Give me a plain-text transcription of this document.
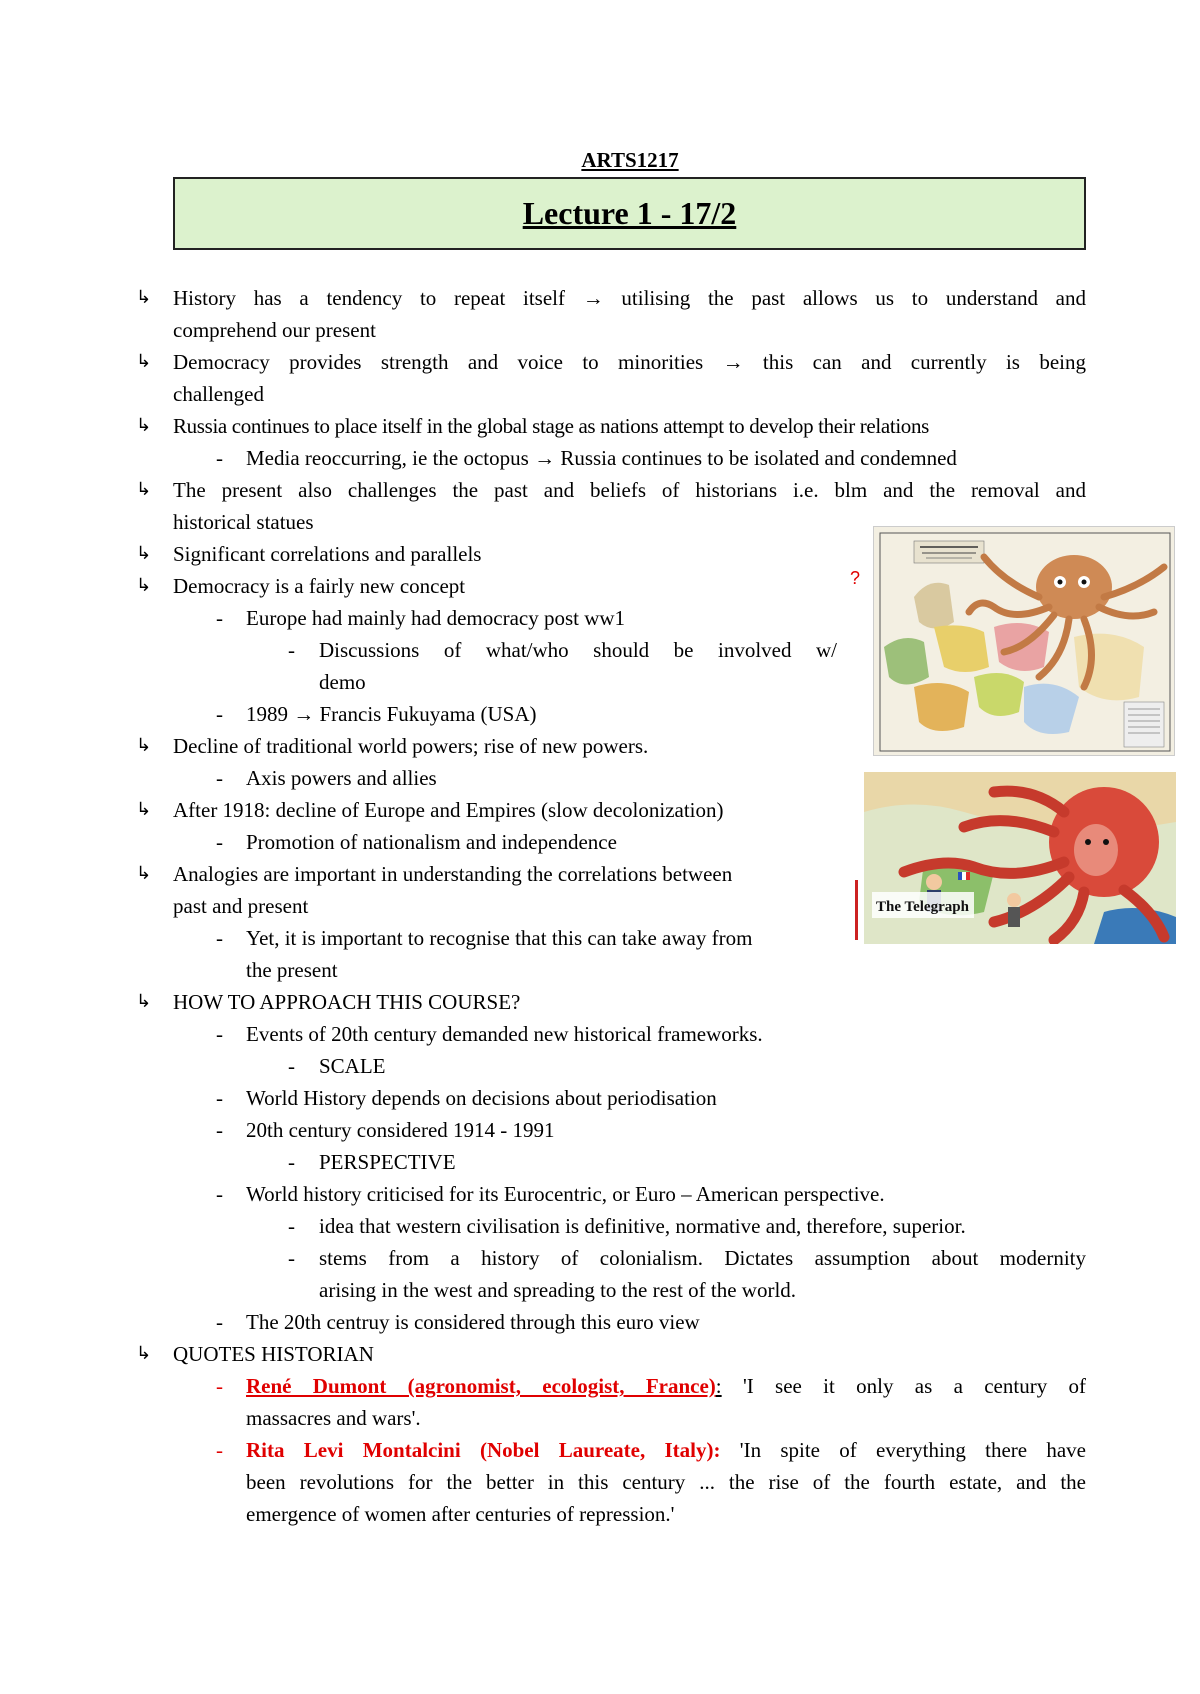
ARTS1217
Lecture 1 - 17/2
↳ History has a tendency to repeat itself → utilising the past allows us to understand and
comprehend our present
↳ Democracy provides strength and voice to minorities → this can and currently is being
challenged
↳ Russia continues to place itself in the global stage as nations attempt to develop their relations
- Media reoccurring, ie the octopus → Russia continues to be isolated and condemned
↳ The present also challenges the past and beliefs of historians i.e. blm and the removal and
historical statues
↳ Significant correlations and parallels
↳ Democracy is a fairly new concept
- Europe had mainly had democracy post ww1
- Discussions of what/who should be involved w/
demo
- 1989 → Francis Fukuyama (USA)
↳ Decline of traditional world powers; rise of new powers.
- Axis powers and allies
↳ After 1918: decline of Europe and Empires (slow decolonization)
- Promotion of nationalism and independence
↳ Analogies are important in understanding the correlations between
past and present
- Yet, it is important to recognise that this can take away from
the present
↳ HOW TO APPROACH THIS COURSE?
- Events of 20th century demanded new historical frameworks.
- SCALE
- World History depends on decisions about periodisation
- 20th century considered 1914 - 1991
- PERSPECTIVE
- World history criticised for its Eurocentric, or Euro – American perspective.
- idea that western civilisation is definitive, normative and, therefore, superior.
- stems from a history of colonialism. Dictates assumption about modernity
arising in the west and spreading to the rest of the world.
- The 20th centruy is considered through this euro view
↳ QUOTES HISTORIAN
- René Dumont (agronomist, ecologist, France): 'I see it only as a century of
massacres and wars'.
- Rita Levi Montalcini (Nobel Laureate, Italy): 'In spite of everything there have
been revolutions for the better in this century ... the rise of the fourth estate, and the
emergence of women after centuries of repression.'
?
The Telegraph
